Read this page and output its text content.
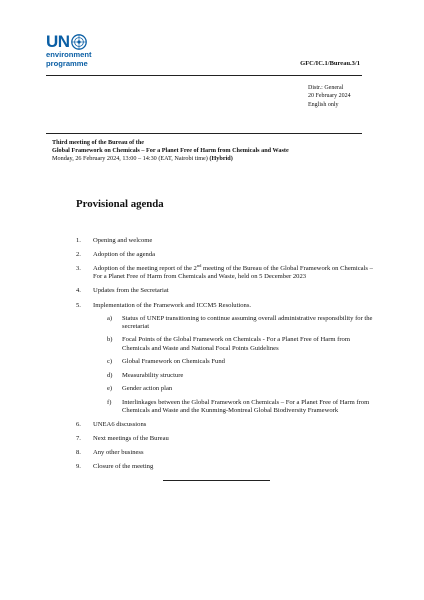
UN
environment
programme	GFC/IC.1/Bureau.3/1
Distr.: General
20 February 2024
English only
Third meeting of the Bureau of the
Global Framework on Chemicals – For a Planet Free of Harm from Chemicals and Waste
Monday, 26 February 2024, 13:00 – 14:30 (EAT, Nairobi time) (Hybrid)
Provisional agenda
1. Opening and welcome
2. Adoption of the agenda
3. Adoption of the meeting report of the 2nd meeting of the Bureau of the Global Framework on Chemicals – For a Planet Free of Harm from Chemicals and Waste, held on 5 December 2023
4. Updates from the Secretariat
5. Implementation of the Framework and ICCM5 Resolutions.
a) Status of UNEP transitioning to continue assuming overall administrative responsibility for the secretariat
b) Focal Points of the Global Framework on Chemicals - For a Planet Free of Harm from Chemicals and Waste and National Focal Points Guidelines
c) Global Framework on Chemicals Fund
d) Measurability structure
e) Gender action plan
f) Interlinkages between the Global Framework on Chemicals – For a Planet Free of Harm from Chemicals and Waste and the Kunming-Montreal Global Biodiversity Framework
6. UNEA6 discussions
7. Next meetings of the Bureau
8. Any other business
9. Closure of the meeting
